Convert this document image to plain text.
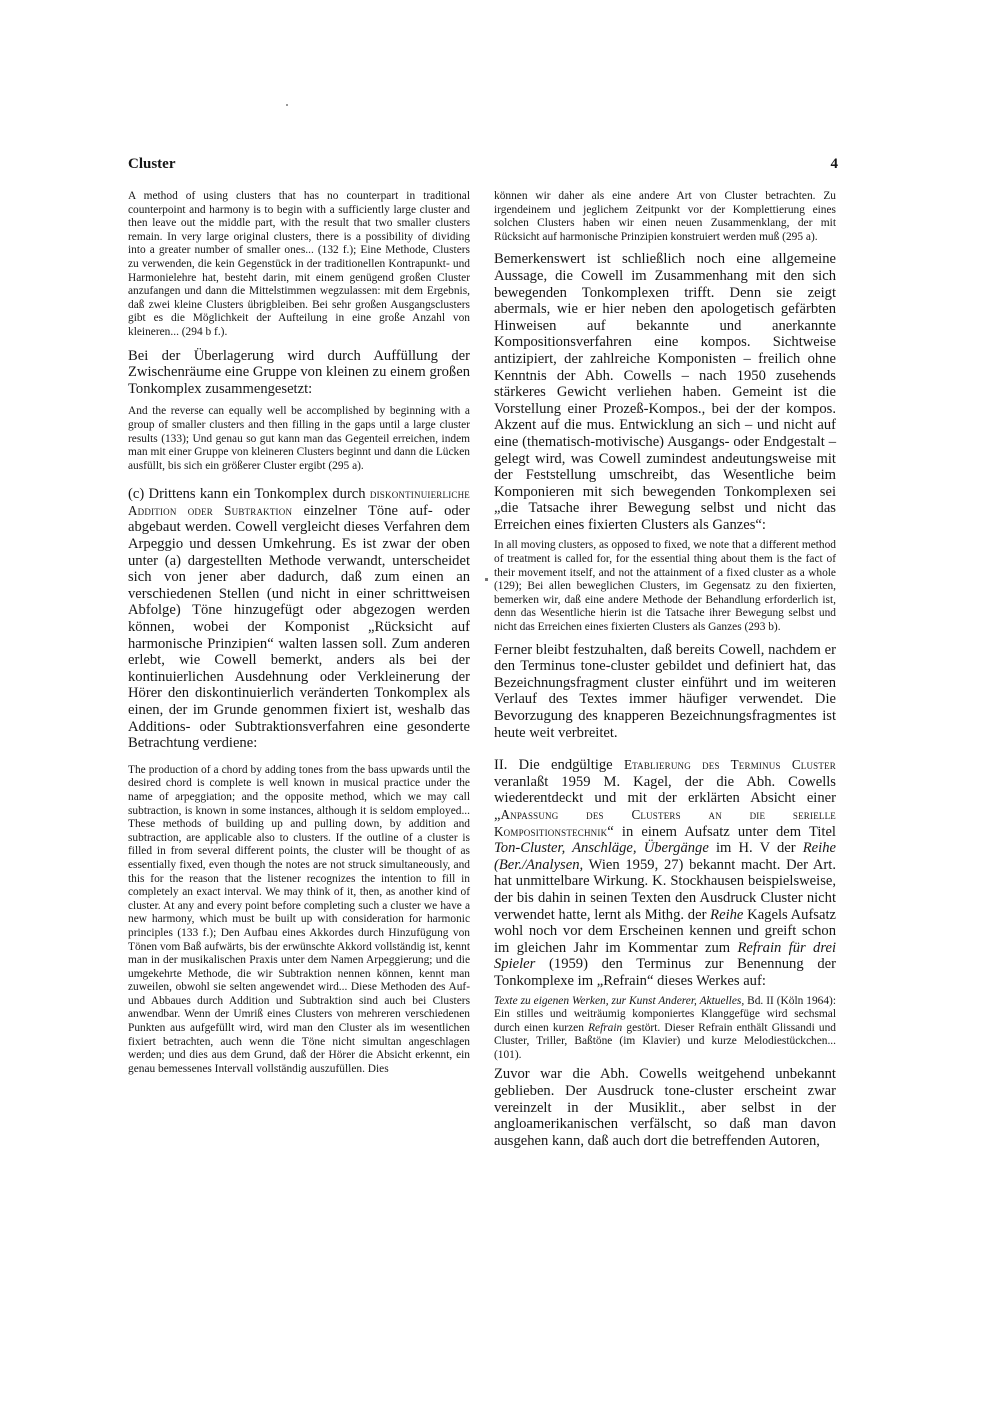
Cluster	4

A method of using clusters that has no counterpart in traditional counterpoint and harmony is to begin with a sufficiently large cluster and then leave out the middle part, with the result that two smaller clusters remain. In very large original clusters, there is a possibility of dividing into a greater number of smaller ones... (132 f.); Eine Methode, Clusters zu verwenden, die kein Gegenstück in der traditionellen Kontrapunkt- und Harmonielehre hat, besteht darin, mit einem genügend großen Cluster anzufangen und dann die Mittelstimmen wegzulassen: mit dem Ergebnis, daß zwei kleine Clusters übrigbleiben. Bei sehr großen Ausgangsclusters gibt es die Möglichkeit der Aufteilung in eine große Anzahl von kleineren... (294 b f.).

Bei der Überlagerung wird durch Auffüllung der Zwischenräume eine Gruppe von kleinen zu einem großen Tonkomplex zusammengesetzt:

And the reverse can equally well be accomplished by beginning with a group of smaller clusters and then filling in the gaps until a large cluster results (133); Und genau so gut kann man das Gegenteil erreichen, indem man mit einer Gruppe von kleineren Clusters beginnt und dann die Lücken ausfüllt, bis sich ein größerer Cluster ergibt (295 a).

(c) Drittens kann ein Tonkomplex durch diskontinuierliche Addition oder Subtraktion einzelner Töne auf- oder abgebaut werden. Cowell vergleicht dieses Verfahren dem Arpeggio und dessen Umkehrung. Es ist zwar der oben unter (a) dargestellten Methode verwandt, unterscheidet sich von jener aber dadurch, daß zum einen an verschiedenen Stellen (und nicht in einer schrittweisen Abfolge) Töne hinzugefügt oder abgezogen werden können, wobei der Komponist „Rücksicht auf harmonische Prinzipien“ walten lassen soll. Zum anderen erlebt, wie Cowell bemerkt, anders als bei der kontinuierlichen Ausdehnung oder Verkleinerung der Hörer den diskontinuierlich veränderten Tonkomplex als einen, der im Grunde genommen fixiert ist, weshalb das Additions- oder Subtraktionsverfahren eine gesonderte Betrachtung verdiene:

The production of a chord by adding tones from the bass upwards until the desired chord is complete is well known in musical practice under the name of arpeggiation; and the opposite method, which we may call subtraction, is known in some instances, although it is seldom employed... These methods of building up and pulling down, by addition and subtraction, are applicable also to clusters. If the outline of a cluster is filled in from several different points, the cluster will be thought of as essentially fixed, even though the notes are not struck simultaneously, and this for the reason that the listener recognizes the intention to fill in completely an exact interval. We may think of it, then, as another kind of cluster. At any and every point before completing such a cluster we have a new harmony, which must be built up with consideration for harmonic principles (133 f.); Den Aufbau eines Akkordes durch Hinzufügung von Tönen vom Baß aufwärts, bis der erwünschte Akkord vollständig ist, kennt man in der musikalischen Praxis unter dem Namen Arpeggierung; und die umgekehrte Methode, die wir Subtraktion nennen können, kennt man zuweilen, obwohl sie selten angewendet wird... Diese Methoden des Auf- und Abbaues durch Addition und Subtraktion sind auch bei Clusters anwendbar. Wenn der Umriß eines Clusters von mehreren verschiedenen Punkten aus aufgefüllt wird, wird man den Cluster als im wesentlichen fixiert betrachten, auch wenn die Töne nicht simultan angeschlagen werden; und dies aus dem Grund, daß der Hörer die Absicht erkennt, ein genau bemessenes Intervall vollständig auszufüllen. Dies

können wir daher als eine andere Art von Cluster betrachten. Zu irgendeinem und jeglichem Zeitpunkt vor der Komplettierung eines solchen Clusters haben wir einen neuen Zusammenklang, der mit Rücksicht auf harmonische Prinzipien konstruiert werden muß (295 a).

Bemerkenswert ist schließlich noch eine allgemeine Aussage, die Cowell im Zusammenhang mit den sich bewegenden Tonkomplexen trifft. Denn sie zeigt abermals, wie er hier neben den apologetisch gefärbten Hinweisen auf bekannte und anerkannte Kompositionsverfahren eine kompos. Sichtweise antizipiert, der zahlreiche Komponisten – freilich ohne Kenntnis der Abh. Cowells – nach 1950 zusehends stärkeres Gewicht verliehen haben. Gemeint ist die Vorstellung einer Prozeß-Kompos., bei der der kompos. Akzent auf die mus. Entwicklung an sich – und nicht auf eine (thematisch-motivische) Ausgangs- oder Endgestalt – gelegt wird, was Cowell zumindest andeutungsweise mit der Feststellung umschreibt, das Wesentliche beim Komponieren mit sich bewegenden Tonkomplexen sei „die Tatsache ihrer Bewegung selbst und nicht das Erreichen eines fixierten Clusters als Ganzes“:

In all moving clusters, as opposed to fixed, we note that a different method of treatment is called for, for the essential thing about them is the fact of their movement itself, and not the attainment of a fixed cluster as a whole (129); Bei allen beweglichen Clusters, im Gegensatz zu den fixierten, bemerken wir, daß eine andere Methode der Behandlung erforderlich ist, denn das Wesentliche hierin ist die Tatsache ihrer Bewegung selbst und nicht das Erreichen eines fixierten Clusters als Ganzes (293 b).

Ferner bleibt festzuhalten, daß bereits Cowell, nachdem er den Terminus tone-cluster gebildet und definiert hat, das Bezeichnungsfragment cluster einführt und im weiteren Verlauf des Textes immer häufiger verwendet. Die Bevorzugung des knapperen Bezeichnungsfragmentes ist heute weit verbreitet.

II. Die endgültige Etablierung des Terminus Cluster veranlaßt 1959 M. Kagel, der die Abh. Cowells wiederentdeckt und mit der erklärten Absicht einer „Anpassung des Clusters an die serielle Kompositionstechnik“ in einem Aufsatz unter dem Titel Ton-Cluster, Anschläge, Übergänge im H. V der Reihe (Ber./Analysen, Wien 1959, 27) bekannt macht. Der Art. hat unmittelbare Wirkung. K. Stockhausen beispielsweise, der bis dahin in seinen Texten den Ausdruck Cluster nicht verwendet hatte, lernt als Mithg. der Reihe Kagels Aufsatz wohl noch vor dem Erscheinen kennen und greift schon im gleichen Jahr im Kommentar zum Refrain für drei Spieler (1959) den Terminus zur Benennung der Tonkomplexe im „Refrain“ dieses Werkes auf:

Texte zu eigenen Werken, zur Kunst Anderer, Aktuelles, Bd. II (Köln 1964): Ein stilles und weiträumig komponiertes Klanggefüge wird sechsmal durch einen kurzen Refrain gestört. Dieser Refrain enthält Glissandi und Cluster, Triller, Baßtöne (im Klavier) und kurze Melodiestückchen... (101).

Zuvor war die Abh. Cowells weitgehend unbekannt geblieben. Der Ausdruck tone-cluster erscheint zwar vereinzelt in der Musiklit., aber selbst in der angloamerikanischen verfälscht, so daß man davon ausgehen kann, daß auch dort die betreffenden Autoren,
